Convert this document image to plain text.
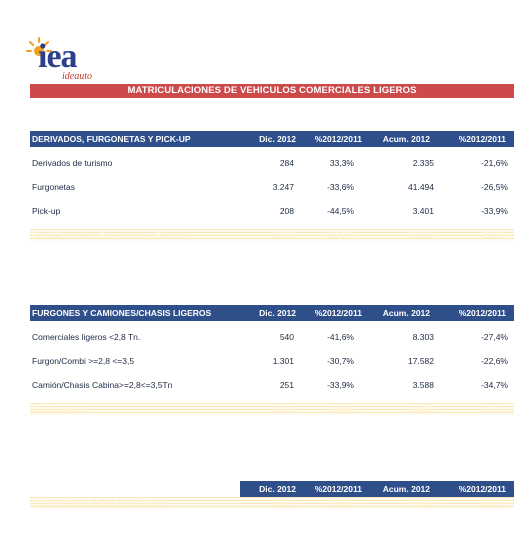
iea
ideauto
MATRICULACIONES DE VEHICULOS COMERCIALES LIGEROS
DERIVADOS, FURGONETAS Y PICK-UP	Dic. 2012 %2012/2011 Acum. 2012	%2012/2011
Derivados de turismo	284	33,3%	2.335	-21,6%
Furgonetas	3.247	-33,6%	41.494	-26,5%
Pick-up	208	-44,5%	3.401	-33,9%
Total Derivados, Furgonetas y Pick-up	3.739	-32,7%	47.230	-26,6%
FURGONES Y CAMIONES/CHASIS LIGEROS	Dic. 2012 %2012/2011 Acum. 2012	%2012/2011
Comerciales ligeros <2,8 Tn.	540	-41,6%	8.303	-27,4%
Furgon/Combi >=2,8 <=3,5	1.301	-30,7%	17.582	-22,6%
Camión/Chasis Cabina>=2,8<=3,5Tn	251	-33,9%	3.588	-34,7%
Total Ligeros	2.092	-34,4%	29.473	-25,2%
Dic. 2012 %2012/2011 Acum. 2012	%2012/2011
TOTAL COMERCIALES LIGEROS	5.831	-33,3%	76.703	-26,0%
